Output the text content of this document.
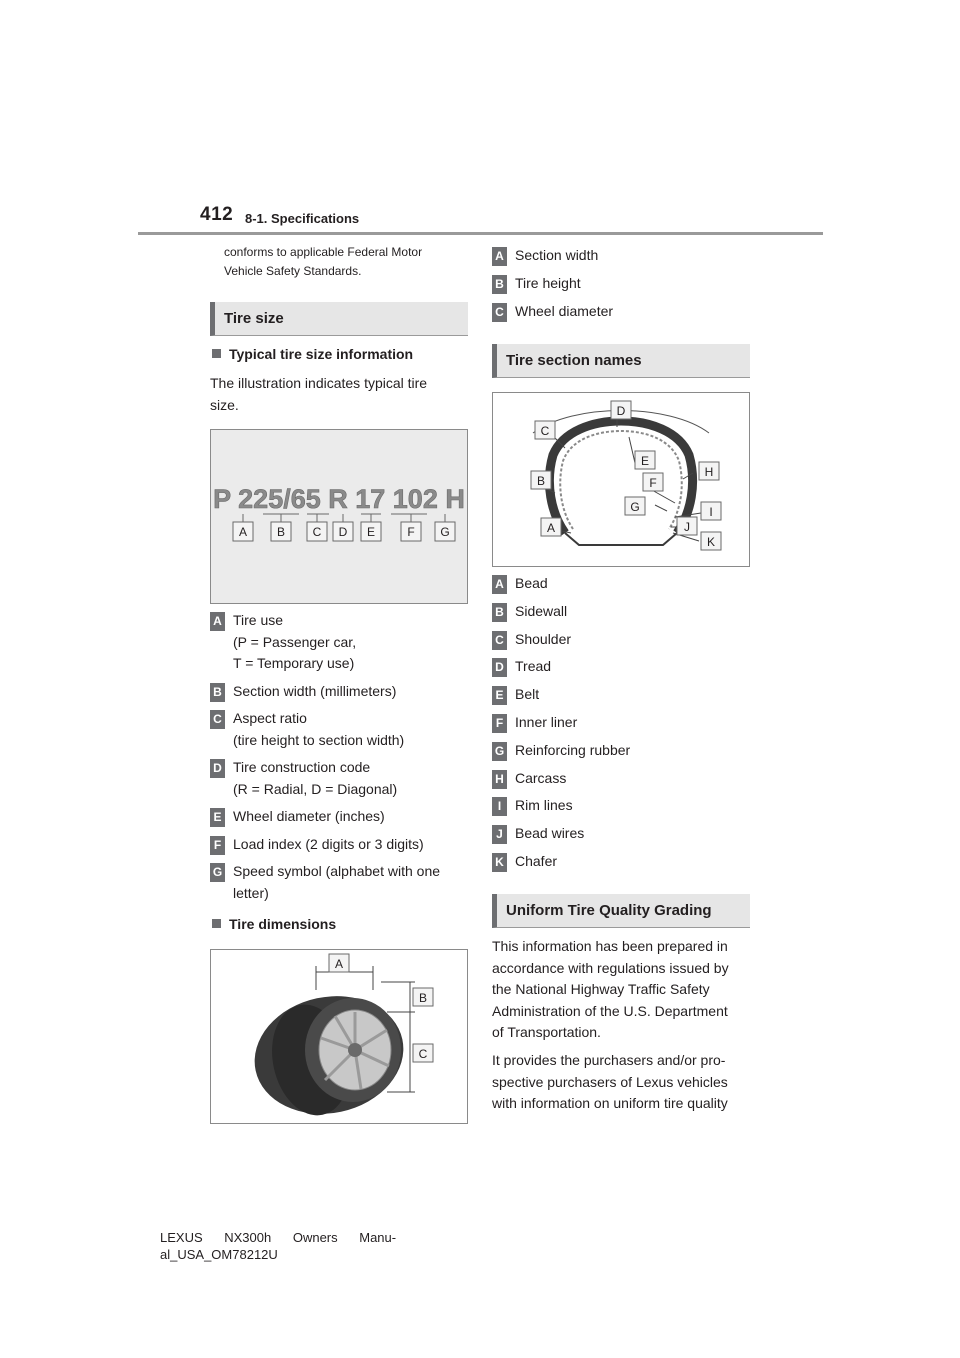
412 8-1. Specifications
conforms to applicable Federal Motor
Vehicle Safety Standards.
Tire size
Typical tire size information
The illustration indicates typical tire
size.
P 225/65 R 17 102 H
A B C D E	F G
A Tire use
(P = Passenger car,
T = Temporary use)
B Section width (millimeters)
C Aspect ratio
(tire height to section width)
D Tire construction code
(R = Radial, D = Diagonal)
E Wheel diameter (inches)
F Load index (2 digits or 3 digits)
G Speed symbol (alphabet with one
letter)
Tire dimensions
A
B
C
A Section width
B Tire height
C Wheel diameter
Tire section names
A
B
C
D
E
F
G
H
I
J
K
A Bead
B Sidewall
C Shoulder
D Tread
E Belt
F Inner liner
G Reinforcing rubber
H Carcass
I Rim lines
J Bead wires
K Chafer
Uniform Tire Quality Grading
This information has been prepared in
accordance with regulations issued by
the National Highway Traffic Safety
Administration of the U.S. Department
of Transportation.
It provides the purchasers and/or pro-
spective purchasers of Lexus vehicles
with information on uniform tire quality
LEXUS NX300h Owners Manu-
al_USA_OM78212U
